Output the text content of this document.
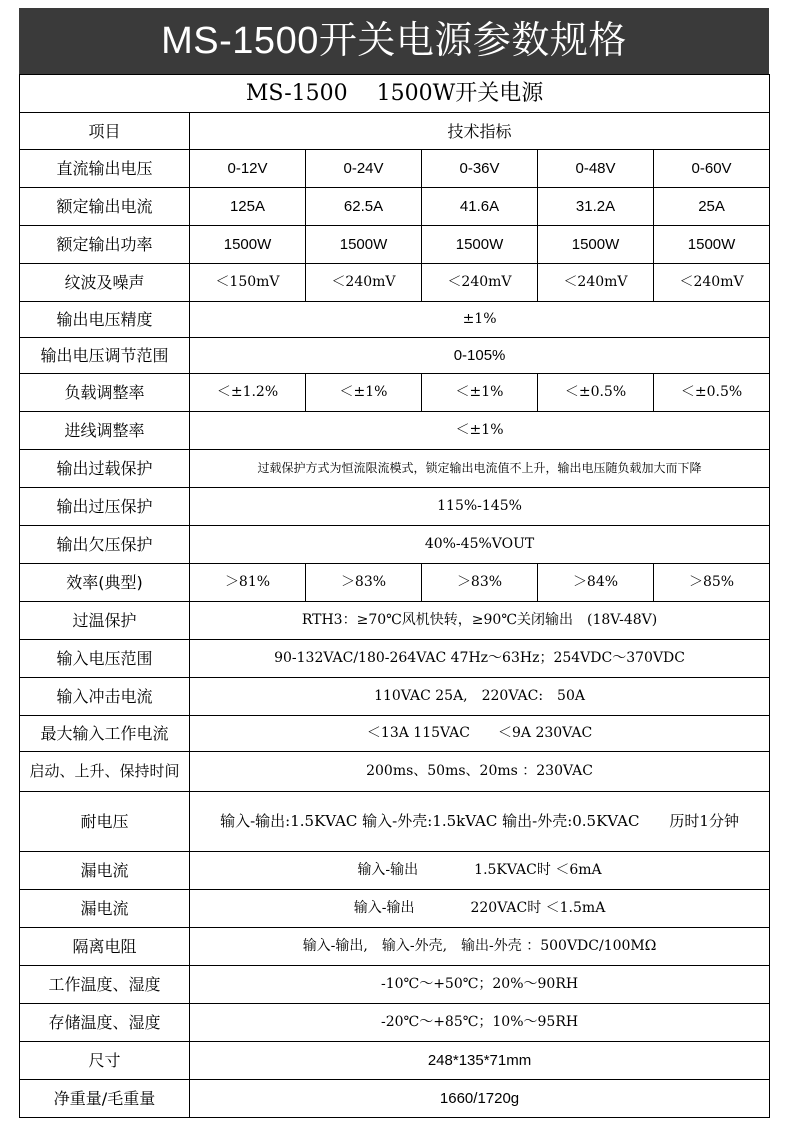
MS-1500开关电源参数规格
MS-1500　 1500W开关电源					
项目	技术指标				
直流输出电压	0-12V	0-24V	0-36V	0-48V	0-60V
额定输出电流	125A	62.5A	41.6A	31.2A	25A
额定输出功率	1500W	1500W	1500W	1500W	1500W
纹波及噪声	＜150mV	＜240mV	＜240mV	＜240mV	＜240mV
输出电压精度	±1%				
输出电压调节范围	0-105%				
负载调整率	＜±1.2%	＜±1%	＜±1%	＜±0.5%	＜±0.5%
进线调整率	＜±1%				
输出过载保护	过载保护方式为恒流限流模式，锁定输出电流值不上升，输出电压随负载加大而下降				
输出过压保护	115%-145%				
输出欠压保护	40%-45%VOUT				
效率(典型)	＞81%	＞83%	＞83%	＞84%	＞85%
过温保护	RTH3：≥70℃风机快转，≥90℃关闭输出　(18V-48V)				
输入电压范围	90-132VAC/180-264VAC 47Hz～63Hz；254VDC～370VDC				
输入冲击电流	110VAC 25A,　220VAC:　50A				
最大输入工作电流	＜13A 115VAC　　＜9A 230VAC				
启动、上升、保持时间	200ms、50ms、20ms ：230VAC				
耐电压	输入-输出:1.5KVAC 输入-外壳:1.5kVAC 输出-外壳:0.5KVAC　　历时1分钟				
漏电流	输入-输出　　　　1.5KVAC时 ＜6mA				
漏电流	输入-输出　　　　220VAC时 ＜1.5mA				
隔离电阻	输入-输出,　输入-外壳,　输出-外壳 ：500VDC/100MΩ				
工作温度、湿度	-10℃～+50℃；20%～90RH				
存储温度、湿度	-20℃～+85℃；10%～95RH				
尺寸	248*135*71mm				
净重量/毛重量	1660/1720g				
